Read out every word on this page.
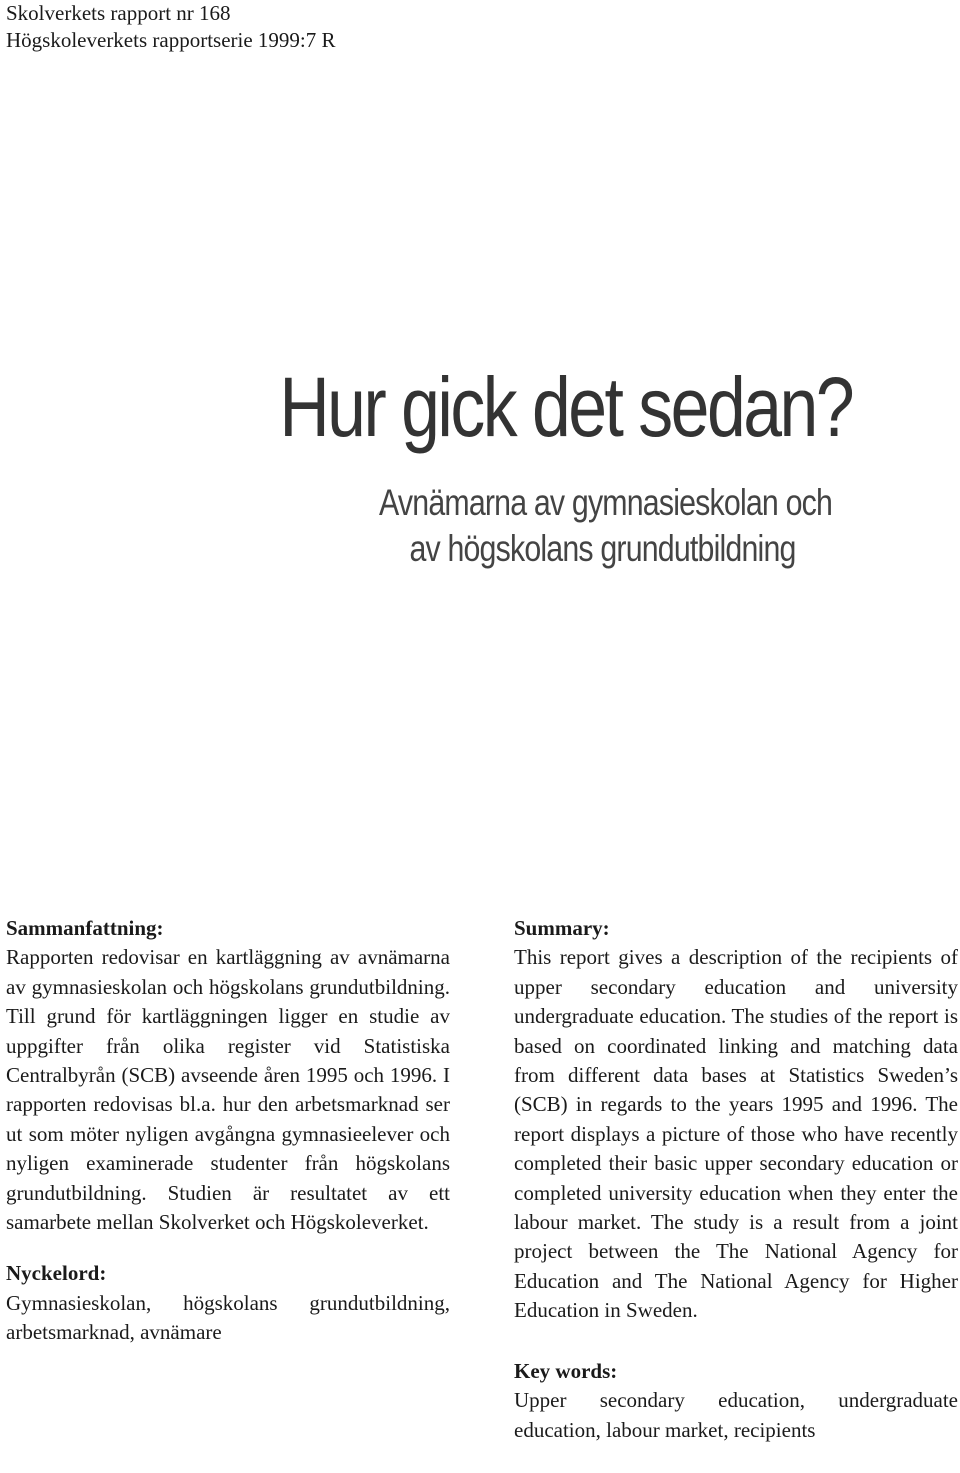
Skolverkets rapport nr 168
Högskoleverkets rapportserie 1999:7 R
Hur gick det sedan?
Avnämarna av gymnasieskolan och
av högskolans grundutbildning
Sammanfattning:

Rapporten redovisar en kartläggning av avnämarna av gymnasieskolan och högskolans grundutbildning. Till grund för kartläggningen ligger en studie av uppgifter från olika register vid Statistiska Centralbyrån (SCB) avseende åren 1995 och 1996. I rapporten redovisas bl.a. hur den arbetsmarknad ser ut som möter nyligen avgångna gymnasieelever och nyligen examinerade studenter från högskolans grundutbildning. Studien är resultatet av ett samarbete mellan Skolverket och Högskoleverket.

Nyckelord:

Gymnasieskolan, högskolans grundutbildning, arbetsmarknad, avnämare

Summary:

This report gives a description of the recipients of upper secondary education and university undergraduate education. The studies of the report is based on coordinated linking and matching data from different data bases at Statistics Sweden’s (SCB) in regards to the years 1995 and 1996. The report displays a picture of those who have recently completed their basic upper secondary education or completed university education when they enter the labour market. The study is a result from a joint project between the The National Agency for Education and The National Agency for Higher Education in Sweden.

Key words:

Upper secondary education, undergraduate education, labour market, recipients
